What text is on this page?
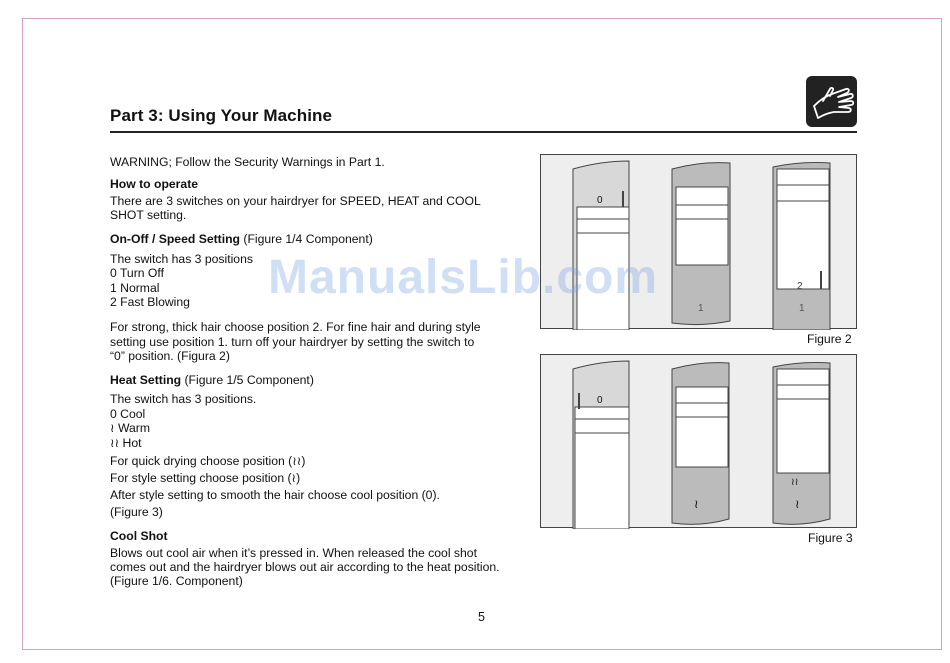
Part 3: Using Your Machine
WARNING; Follow the Security Warnings in Part 1.
How to operate
There are 3 switches on your hairdryer for SPEED, HEAT and COOL
SHOT setting.
On-Off / Speed Setting (Figure 1/4 Component)
The switch has 3 positions
0 Turn Off
1 Normal
2 Fast Blowing
For strong, thick hair choose position 2. For fine hair and during style
setting use position 1. turn off your hairdryer by setting the switch to
“0” position. (Figura 2)
Heat Setting (Figure 1/5 Component)
The switch has 3 positions.
0 Cool
≀ Warm
≀≀ Hot
For quick drying choose position (≀≀)
For style setting choose position (≀)
After style setting to smooth the hair choose cool position (0).
(Figure 3)
Cool Shot
Blows out cool air when it’s pressed in. When released the cool shot
comes out and the hairdryer blows out air according to the heat position.
(Figure 1/6. Component)
0
1
2
1
Figure 2
0
≀
≀≀
≀
Figure 3
ManualsLib.com
5
